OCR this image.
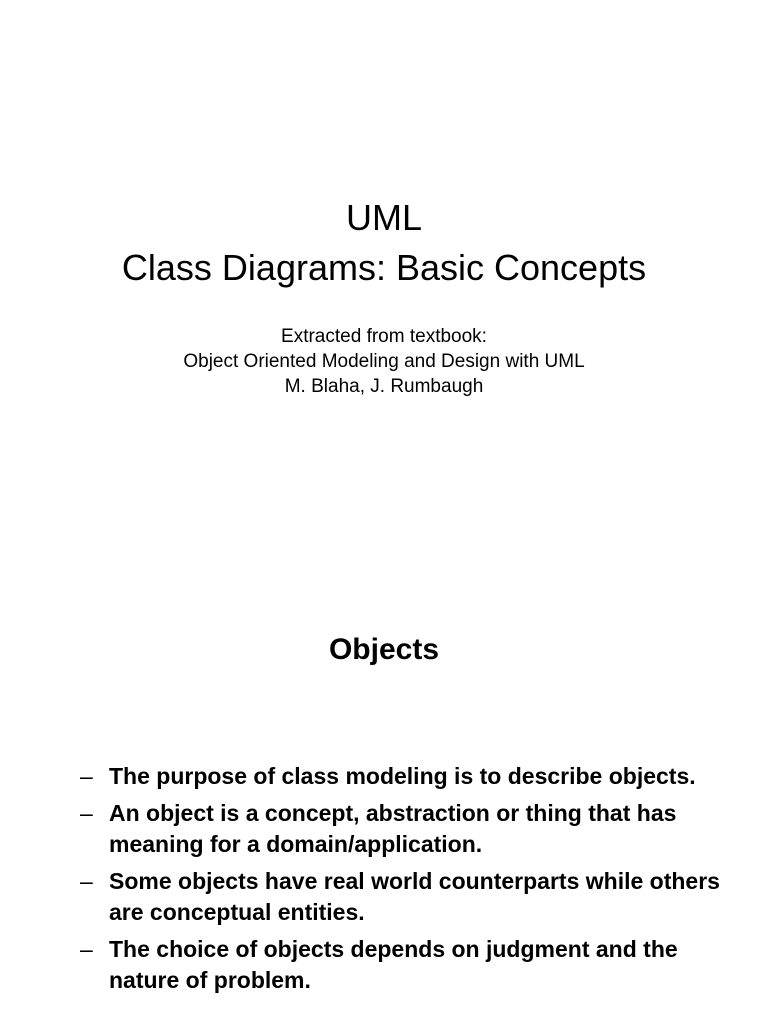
UML
Class Diagrams: Basic Concepts
Extracted from textbook:
Object Oriented Modeling and Design with UML
M. Blaha, J. Rumbaugh
Objects
– The purpose of class modeling is to describe objects.
– An object is a concept, abstraction or thing that has meaning for a domain/application.
– Some objects have real world counterparts while others are conceptual entities.
– The choice of objects depends on judgment and the nature of problem.
